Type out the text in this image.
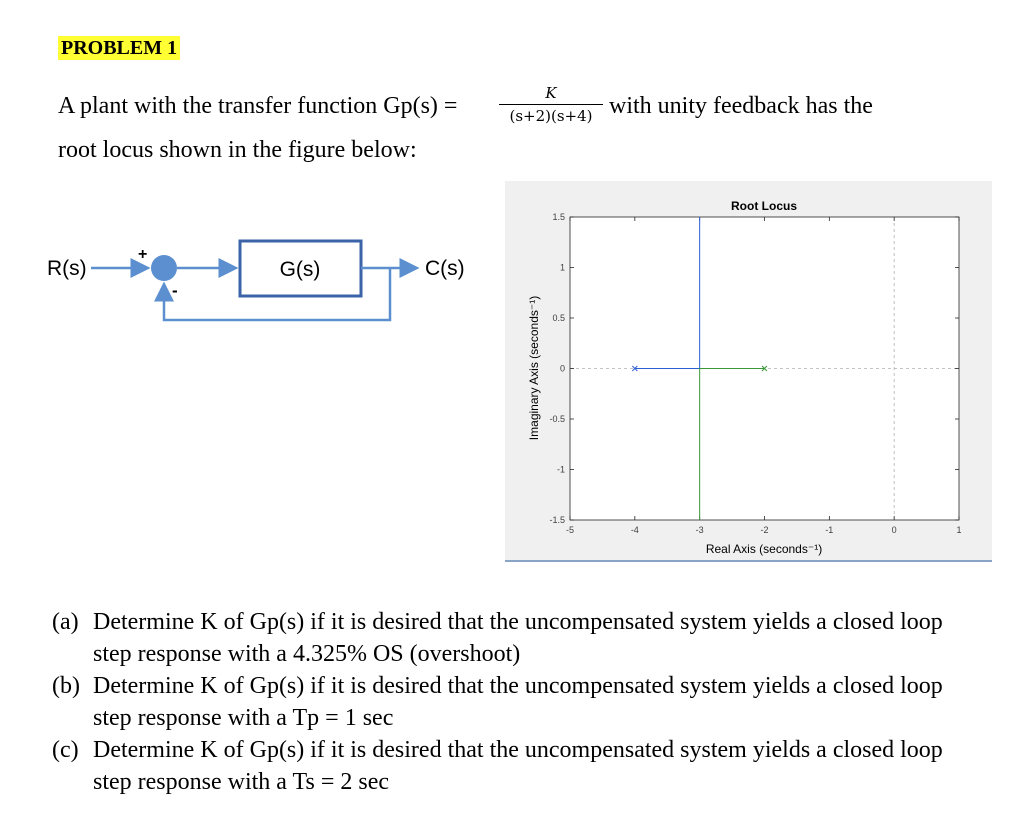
PROBLEM 1
A plant with the transfer function Gp(s) =	K
(s+2)(s+4) with unity feedback has the
root locus shown in the figure below:
R(s)
+
-
G(s)	C(s)
-5	-4	-3	-2	-1	0	1
1.5
1
0.5
0
-0.5
-1
-1.5
Root Locus
Real Axis (seconds⁻¹)
Imaginary Axis (seconds⁻¹)
(a) Determine K of Gp(s) if it is desired that the uncompensated system yields a closed loop step response with a 4.325% OS (overshoot)
(b) Determine K of Gp(s) if it is desired that the uncompensated system yields a closed loop step response with a Tp = 1 sec
(c) Determine K of Gp(s) if it is desired that the uncompensated system yields a closed loop step response with a Ts = 2 sec
